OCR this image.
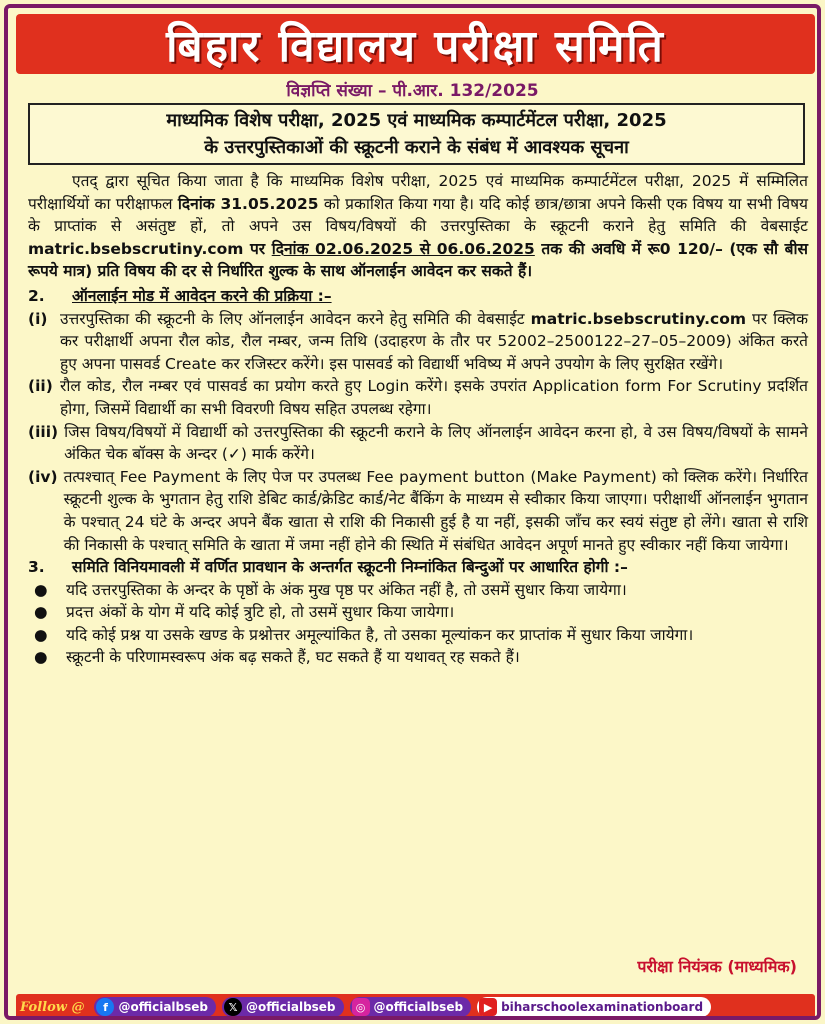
बिहार विद्यालय परीक्षा समिति
विज्ञप्ति संख्या – पी.आर. 132/2025
माध्यमिक विशेष परीक्षा, 2025 एवं माध्यमिक कम्पार्टमेंटल परीक्षा, 2025
के उत्तरपुस्तिकाओं की स्क्रूटनी कराने के संबंध में आवश्यक सूचना

एतद् द्वारा सूचित किया जाता है कि माध्यमिक विशेष परीक्षा, 2025 एवं माध्यमिक कम्पार्टमेंटल परीक्षा, 2025 में सम्मिलित परीक्षार्थियों का परीक्षाफल दिनांक 31.05.2025 को प्रकाशित किया गया है। यदि कोई छात्र/छात्रा अपने किसी एक विषय या सभी विषय के प्राप्तांक से असंतुष्ट हों, तो अपने उस विषय/विषयों की उत्तरपुस्तिका के स्क्रूटनी कराने हेतु समिति की वेबसाईट matric.bsebscrutiny.com पर दिनांक 02.06.2025 से 06.06.2025 तक की अवधि में रू0 120/– (एक सौ बीस रूपये मात्र) प्रति विषय की दर से निर्धारित शुल्क के साथ ऑनलाईन आवेदन कर सकते हैं।

2.	ऑनलाईन मोड में आवेदन करने की प्रक्रिया :–
(i) उत्तरपुस्तिका की स्क्रूटनी के लिए ऑनलाईन आवेदन करने हेतु समिति की वेबसाईट matric.bsebscrutiny.com पर क्लिक कर परीक्षार्थी अपना रौल कोड, रौल नम्बर, जन्म तिथि (उदाहरण के तौर पर 52002–2500122–27–05–2009) अंकित करते हुए अपना पासवर्ड Create कर रजिस्टर करेंगे। इस पासवर्ड को विद्यार्थी भविष्य में अपने उपयोग के लिए सुरक्षित रखेंगे।
(ii) रौल कोड, रौल नम्बर एवं पासवर्ड का प्रयोग करते हुए Login करेंगे। इसके उपरांत Application form For Scrutiny प्रदर्शित होगा, जिसमें विद्यार्थी का सभी विवरणी विषय सहित उपलब्ध रहेगा।
(iii) जिस विषय/विषयों में विद्यार्थी को उत्तरपुस्तिका की स्क्रूटनी कराने के लिए ऑनलाईन आवेदन करना हो, वे उस विषय/विषयों के सामने अंकित चेक बॉक्स के अन्दर (✓) मार्क करेंगे।
(iv) तत्पश्चात् Fee Payment के लिए पेज पर उपलब्ध Fee payment button (Make Payment) को क्लिक करेंगे। निर्धारित स्क्रूटनी शुल्क के भुगतान हेतु राशि डेबिट कार्ड/क्रेडिट कार्ड/नेट बैंकिंग के माध्यम से स्वीकार किया जाएगा। परीक्षार्थी ऑनलाईन भुगतान के पश्चात् 24 घंटे के अन्दर अपने बैंक खाता से राशि की निकासी हुई है या नहीं, इसकी जाँच कर स्वयं संतुष्ट हो लेंगे। खाता से राशि की निकासी के पश्चात् समिति के खाता में जमा नहीं होने की स्थिति में संबंधित आवेदन अपूर्ण मानते हुए स्वीकार नहीं किया जायेगा।
3.	समिति विनियमावली में वर्णित प्रावधान के अन्तर्गत स्क्रूटनी निम्नांकित बिन्दुओं पर आधारित होगी :–
●	यदि उत्तरपुस्तिका के अन्दर के पृष्ठों के अंक मुख पृष्ठ पर अंकित नहीं है, तो उसमें सुधार किया जायेगा।
●	प्रदत्त अंकों के योग में यदि कोई त्रुटि हो, तो उसमें सुधार किया जायेगा।
●	यदि कोई प्रश्न या उसके खण्ड के प्रश्नोत्तर अमूल्यांकित है, तो उसका मूल्यांकन कर प्राप्तांक में सुधार किया जायेगा।
●	स्क्रूटनी के परिणामस्वरूप अंक बढ़ सकते हैं, घट सकते हैं या यथावत् रह सकते हैं।
परीक्षा नियंत्रक (माध्यमिक)
Follow @	f @officialbseb	𝕏 @officialbseb	◎ @officialbseb	▶ biharschoolexaminationboard
